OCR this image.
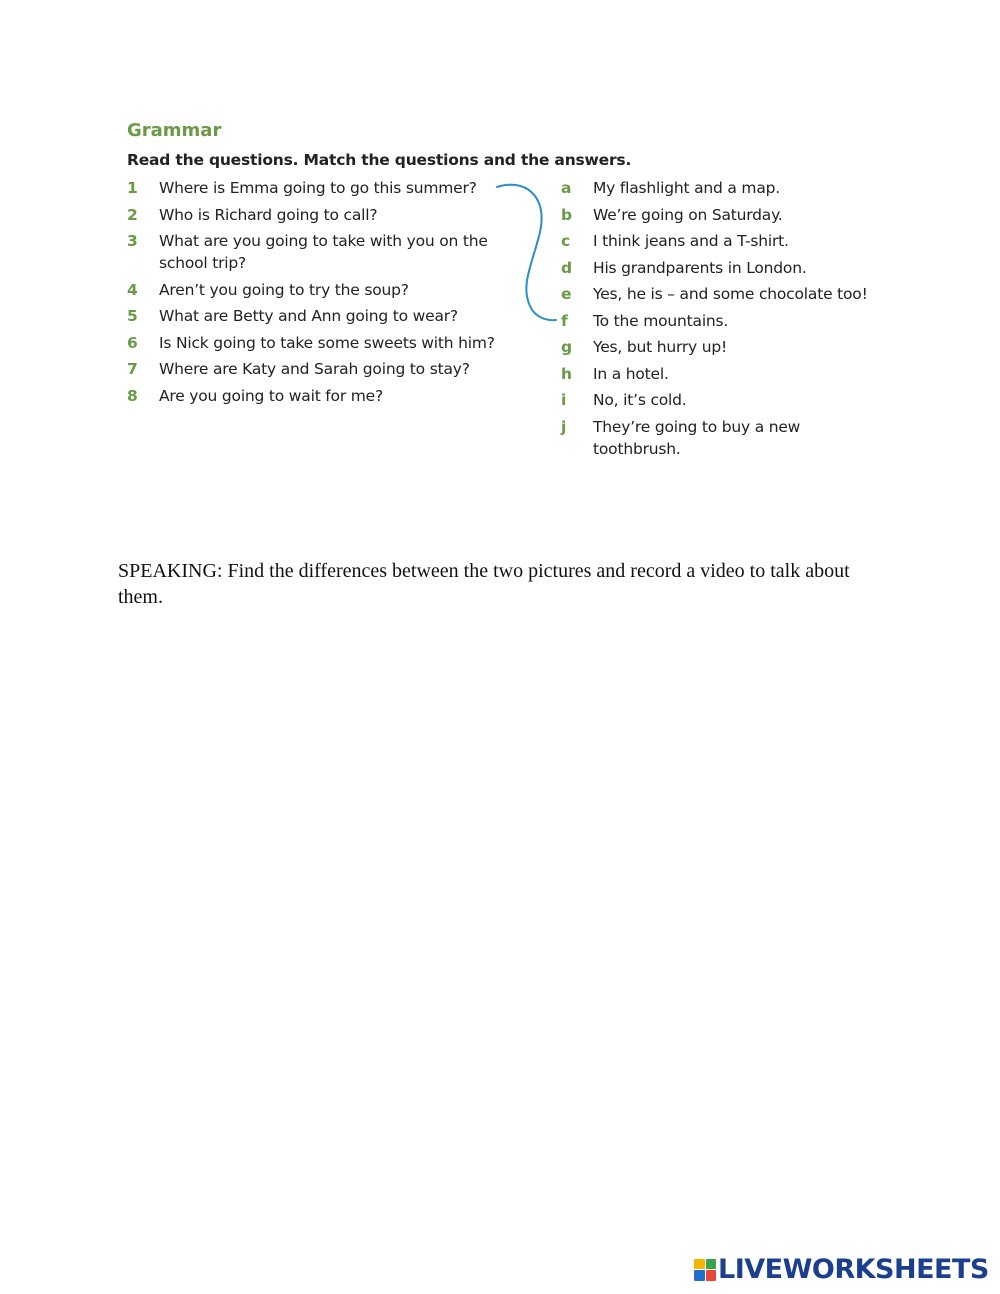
Grammar
Read the questions. Match the questions and the answers.
1	Where is Emma going to go this summer?
2	Who is Richard going to call?
3	What are you going to take with you on the school trip?
4	Aren’t you going to try the soup?
5	What are Betty and Ann going to wear?
6	Is Nick going to take some sweets with him?
7	Where are Katy and Sarah going to stay?
8	Are you going to wait for me?
a	My flashlight and a map.
b	We’re going on Saturday.
c	I think jeans and a T-shirt.
d	His grandparents in London.
e	Yes, he is – and some chocolate too!
f	To the mountains.
g	Yes, but hurry up!
h	In a hotel.
i	No, it’s cold.
j	They’re going to buy a new toothbrush.
SPEAKING: Find the differences between the two pictures and record a video to talk about them.
LIVEWORKSHEETS
